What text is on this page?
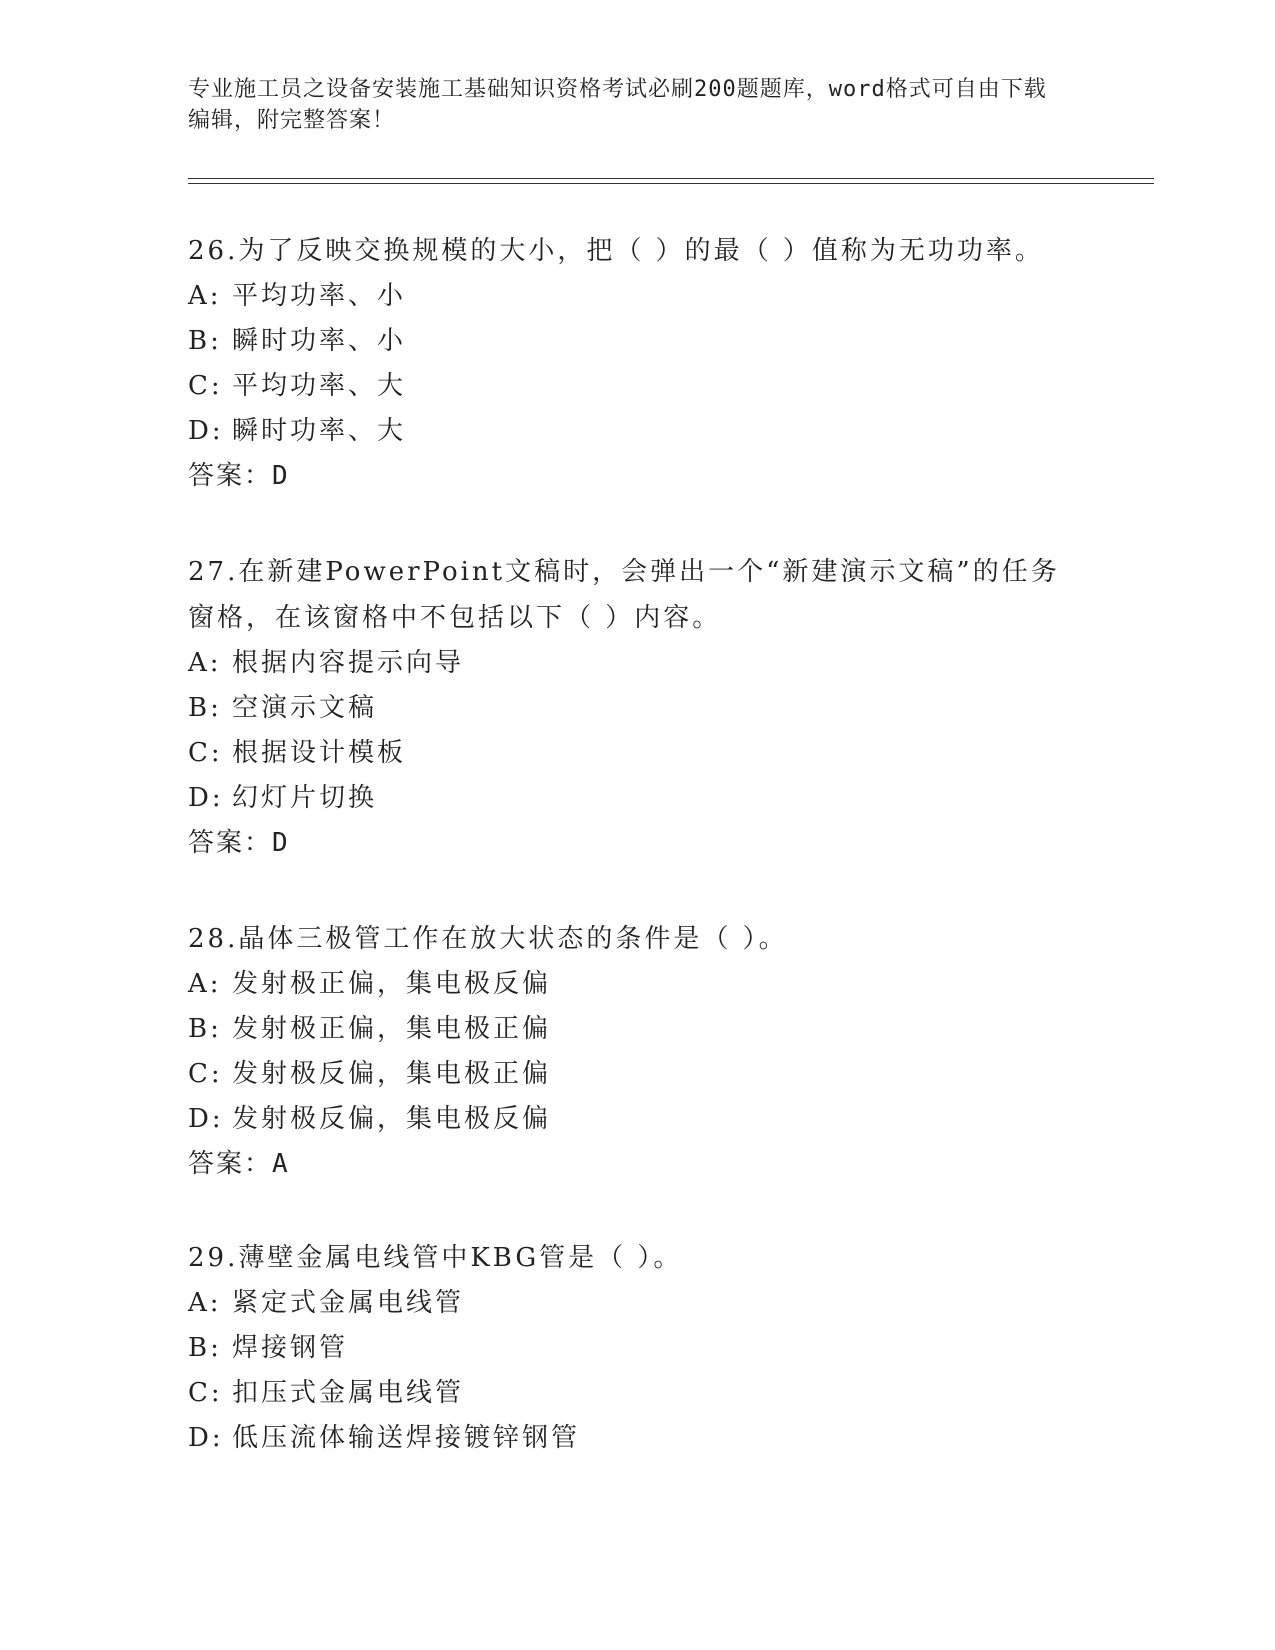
专业施工员之设备安装施工基础知识资格考试必刷200题题库，word格式可自由下载编辑，附完整答案！
26.为了反映交换规模的大小，把（ ）的最（ ）值称为无功功率。
A: 平均功率、小
B: 瞬时功率、小
C: 平均功率、大
D: 瞬时功率、大
答案：D
27.在新建PowerPoint文稿时，会弹出一个“新建演示文稿”的任务窗格，在该窗格中不包括以下（ ）内容。
A: 根据内容提示向导
B: 空演示文稿
C: 根据设计模板
D: 幻灯片切换
答案：D
28.晶体三极管工作在放大状态的条件是（ ）。
A: 发射极正偏，集电极反偏
B: 发射极正偏，集电极正偏
C: 发射极反偏，集电极正偏
D: 发射极反偏，集电极反偏
答案：A
29.薄壁金属电线管中KBG管是（ ）。
A: 紧定式金属电线管
B: 焊接钢管
C: 扣压式金属电线管
D: 低压流体输送焊接镀锌钢管
